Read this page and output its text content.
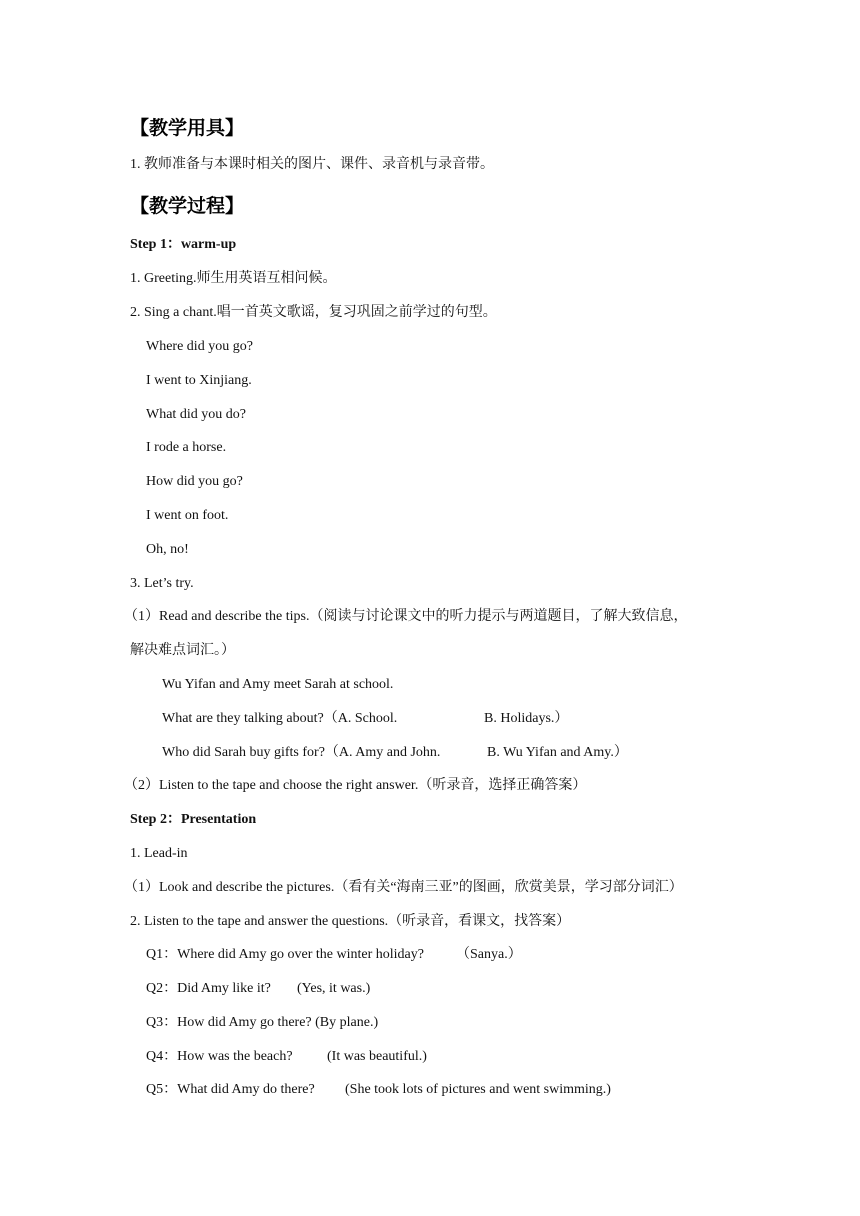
【教学用具】
1. 教师准备与本课时相关的图片、课件、录音机与录音带。
【教学过程】
Step 1：warm-up
1. Greeting.师生用英语互相问候。
2. Sing a chant.唱一首英文歌谣，复习巩固之前学过的句型。
Where did you go?
I went to Xinjiang.
What did you do?
I rode a horse.
How did you go?
I went on foot.
Oh, no!
3. Let’s try.
（1）Read and describe the tips.（阅读与讨论课文中的听力提示与两道题目，了解大致信息，
解决难点词汇。）
Wu Yifan and Amy meet Sarah at school.
What are they talking about?（A. School.	B. Holidays.）
Who did Sarah buy gifts for?（A. Amy and John.	B. Wu Yifan and Amy.）
（2）Listen to the tape and choose the right answer.（听录音，选择正确答案）
Step 2：Presentation
1. Lead-in
（1）Look and describe the pictures.（看有关“海南三亚”的图画，欣赏美景，学习部分词汇）
2. Listen to the tape and answer the questions.（听录音，看课文，找答案）
Q1：Where did Amy go over the winter holiday? （Sanya.）
Q2：Did Amy like it? (Yes, it was.)
Q3：How did Amy go there? (By plane.)
Q4：How was the beach? (It was beautiful.)
Q5：What did Amy do there? (She took lots of pictures and went swimming.)
